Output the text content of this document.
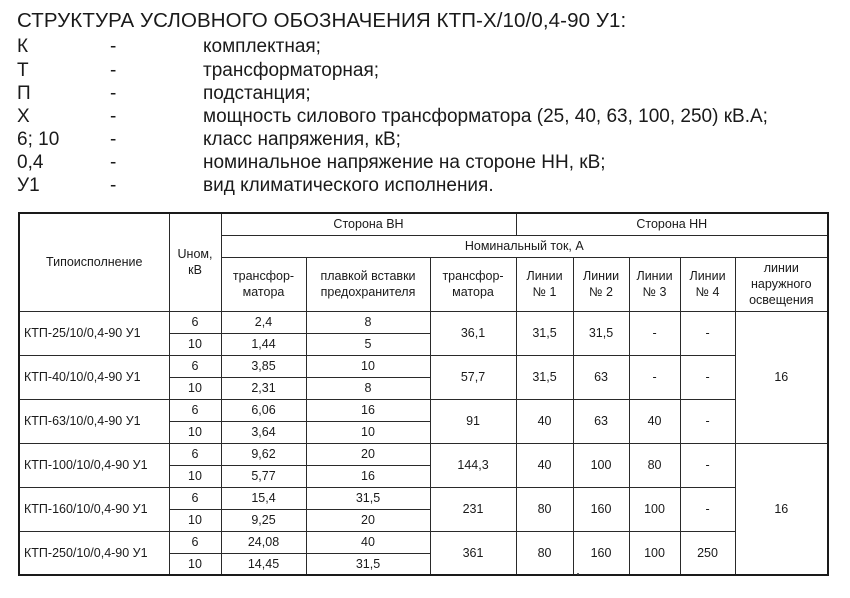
СТРУКТУРА УСЛОВНОГО ОБОЗНАЧЕНИЯ КТП-Х/10/0,4-90 У1:
К	-	комплектная;
Т	-	трансформаторная;
П	-	подстанция;
Х	-	мощность силового трансформатора (25, 40, 63, 100, 250) кВ.А;
6; 10	-	класс напряжения, кВ;
0,4	-	номинальное напряжение на стороне НН, кВ;
У1	-	вид климатического исполнения.
Типоисполнение	Uном, кВ	Сторона ВН			Сторона НН				
		Номинальный ток, А							
		трансфор-матора	плавкой вставки предохранителя	трансфор-матора	Линии № 1	Линии № 2	Линии № 3	Линии № 4	линии наружного освещения
КТП-25/10/0,4-90 У1	6	2,4	8	36,1	31,5	31,5	-	-	16
	10	1,44	5						
КТП-40/10/0,4-90 У1	6	3,85	10	57,7	31,5	63	-	-	
	10	2,31	8						
КТП-63/10/0,4-90 У1	6	6,06	16	91	40	63	40	-	
	10	3,64	10						
КТП-100/10/0,4-90 У1	6	9,62	20	144,3	40	100	80	-	16
	10	5,77	16						
КТП-160/10/0,4-90 У1	6	15,4	31,5	231	80	160	100	-	
	10	9,25	20						
КТП-250/10/0,4-90 У1	6	24,08	40	361	80	160	100	250	
	10	14,45	31,5						
